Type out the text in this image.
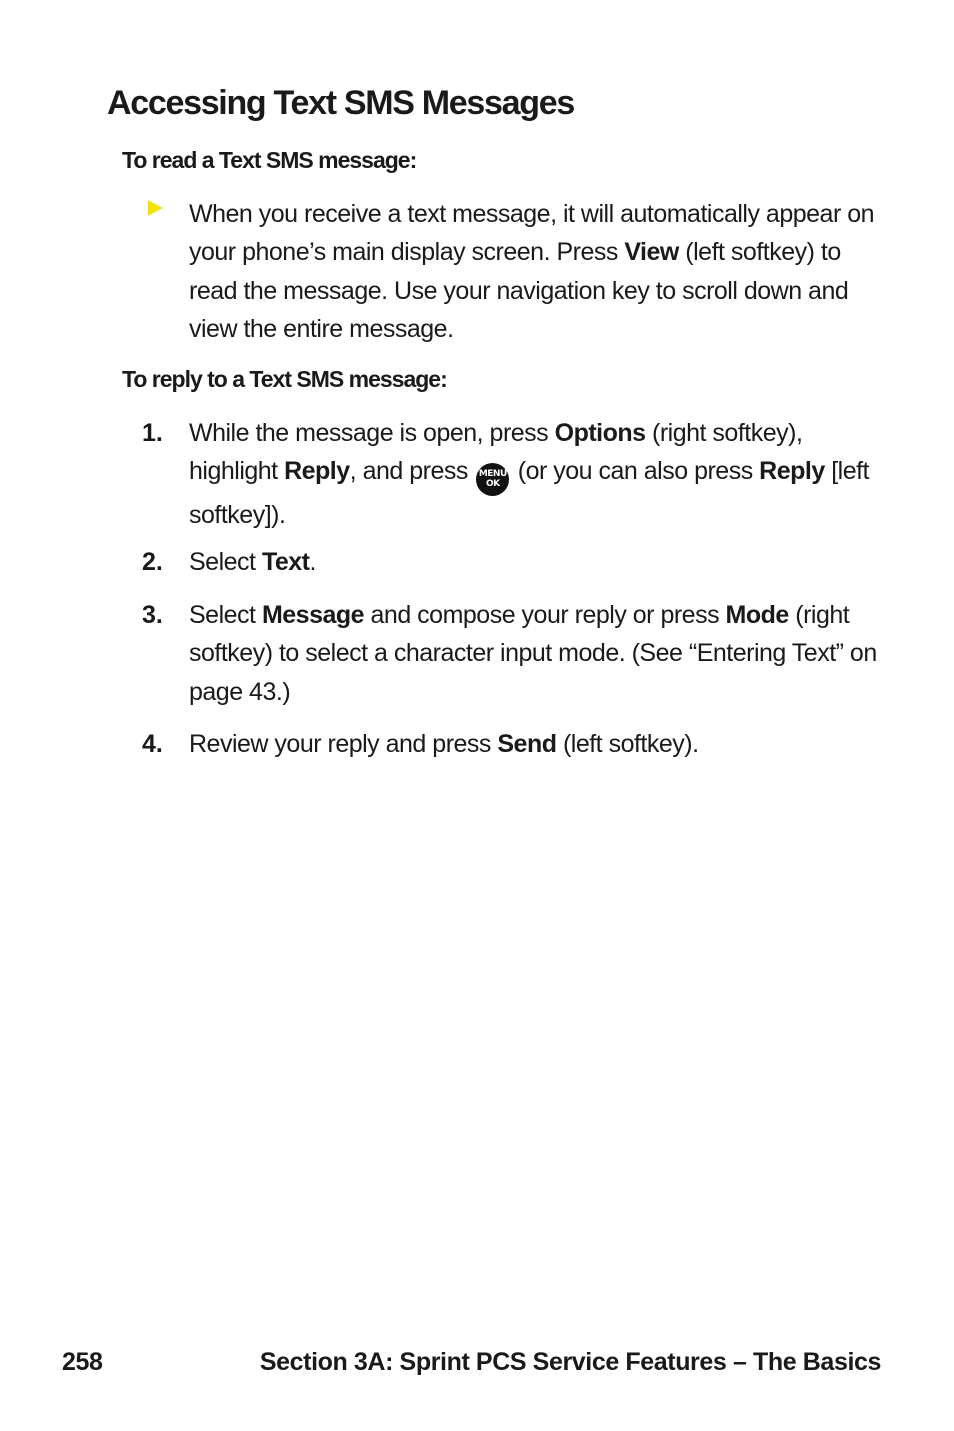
Accessing Text SMS Messages
To read a Text SMS message:

When you receive a text message, it will automatically appear on your phone’s main display screen. Press View (left softkey) to read the message. Use your navigation key to scroll down and view the entire message.

To reply to a Text SMS message:
1. While the message is open, press Options (right softkey), highlight Reply, and press MENU
OK (or you can also press Reply [left softkey]).

2. Select Text.

3. Select Message and compose your reply or press Mode (right softkey) to select a character input mode. (See “Entering Text” on page 43.)

4. Review your reply and press Send (left softkey).

258	Section 3A: Sprint PCS Service Features – The Basics
